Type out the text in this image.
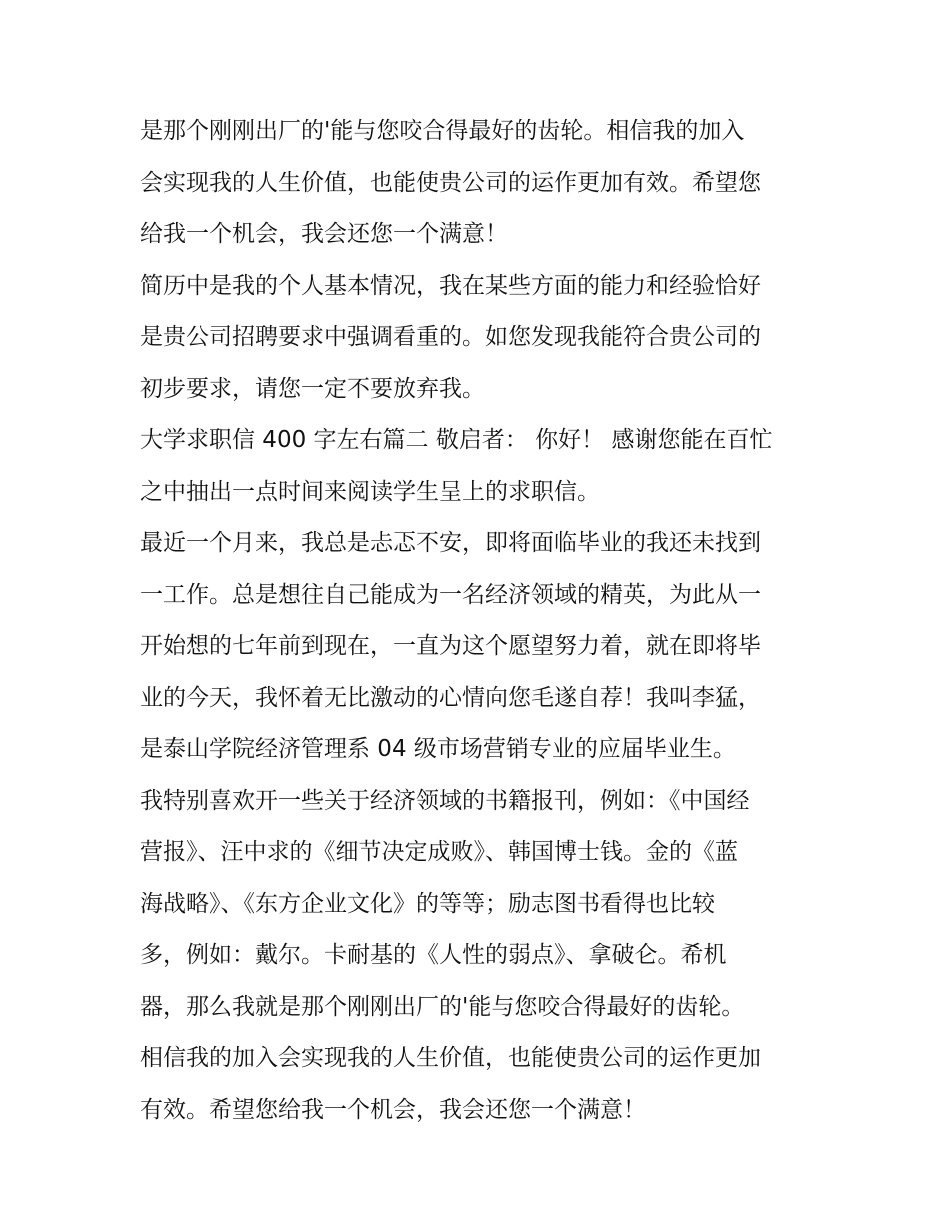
是那个刚刚出厂的'能与您咬合得最好的齿轮。相信我的加入
会实现我的人生价值，也能使贵公司的运作更加有效。希望您
给我一个机会，我会还您一个满意！
简历中是我的个人基本情况，我在某些方面的能力和经验恰好
是贵公司招聘要求中强调看重的。如您发现我能符合贵公司的
初步要求，请您一定不要放弃我。
大学求职信 400 字左右篇二 敬启者： 你好！ 感谢您能在百忙
之中抽出一点时间来阅读学生呈上的求职信。
最近一个月来，我总是忐忑不安，即将面临毕业的我还未找到
一工作。总是想往自己能成为一名经济领域的精英，为此从一
开始想的七年前到现在，一直为这个愿望努力着，就在即将毕
业的今天，我怀着无比激动的心情向您毛遂自荐！我叫李猛，
是泰山学院经济管理系 04 级市场营销专业的应届毕业生。
我特别喜欢开一些关于经济领域的书籍报刊，例如：《中国经
营报》、汪中求的《细节决定成败》、韩国博士钱。金的《蓝
海战略》、《东方企业文化》的等等；励志图书看得也比较
多，例如：戴尔。卡耐基的《人性的弱点》、拿破仑。希机
器，那么我就是那个刚刚出厂的'能与您咬合得最好的齿轮。
相信我的加入会实现我的人生价值，也能使贵公司的运作更加
有效。希望您给我一个机会，我会还您一个满意！
